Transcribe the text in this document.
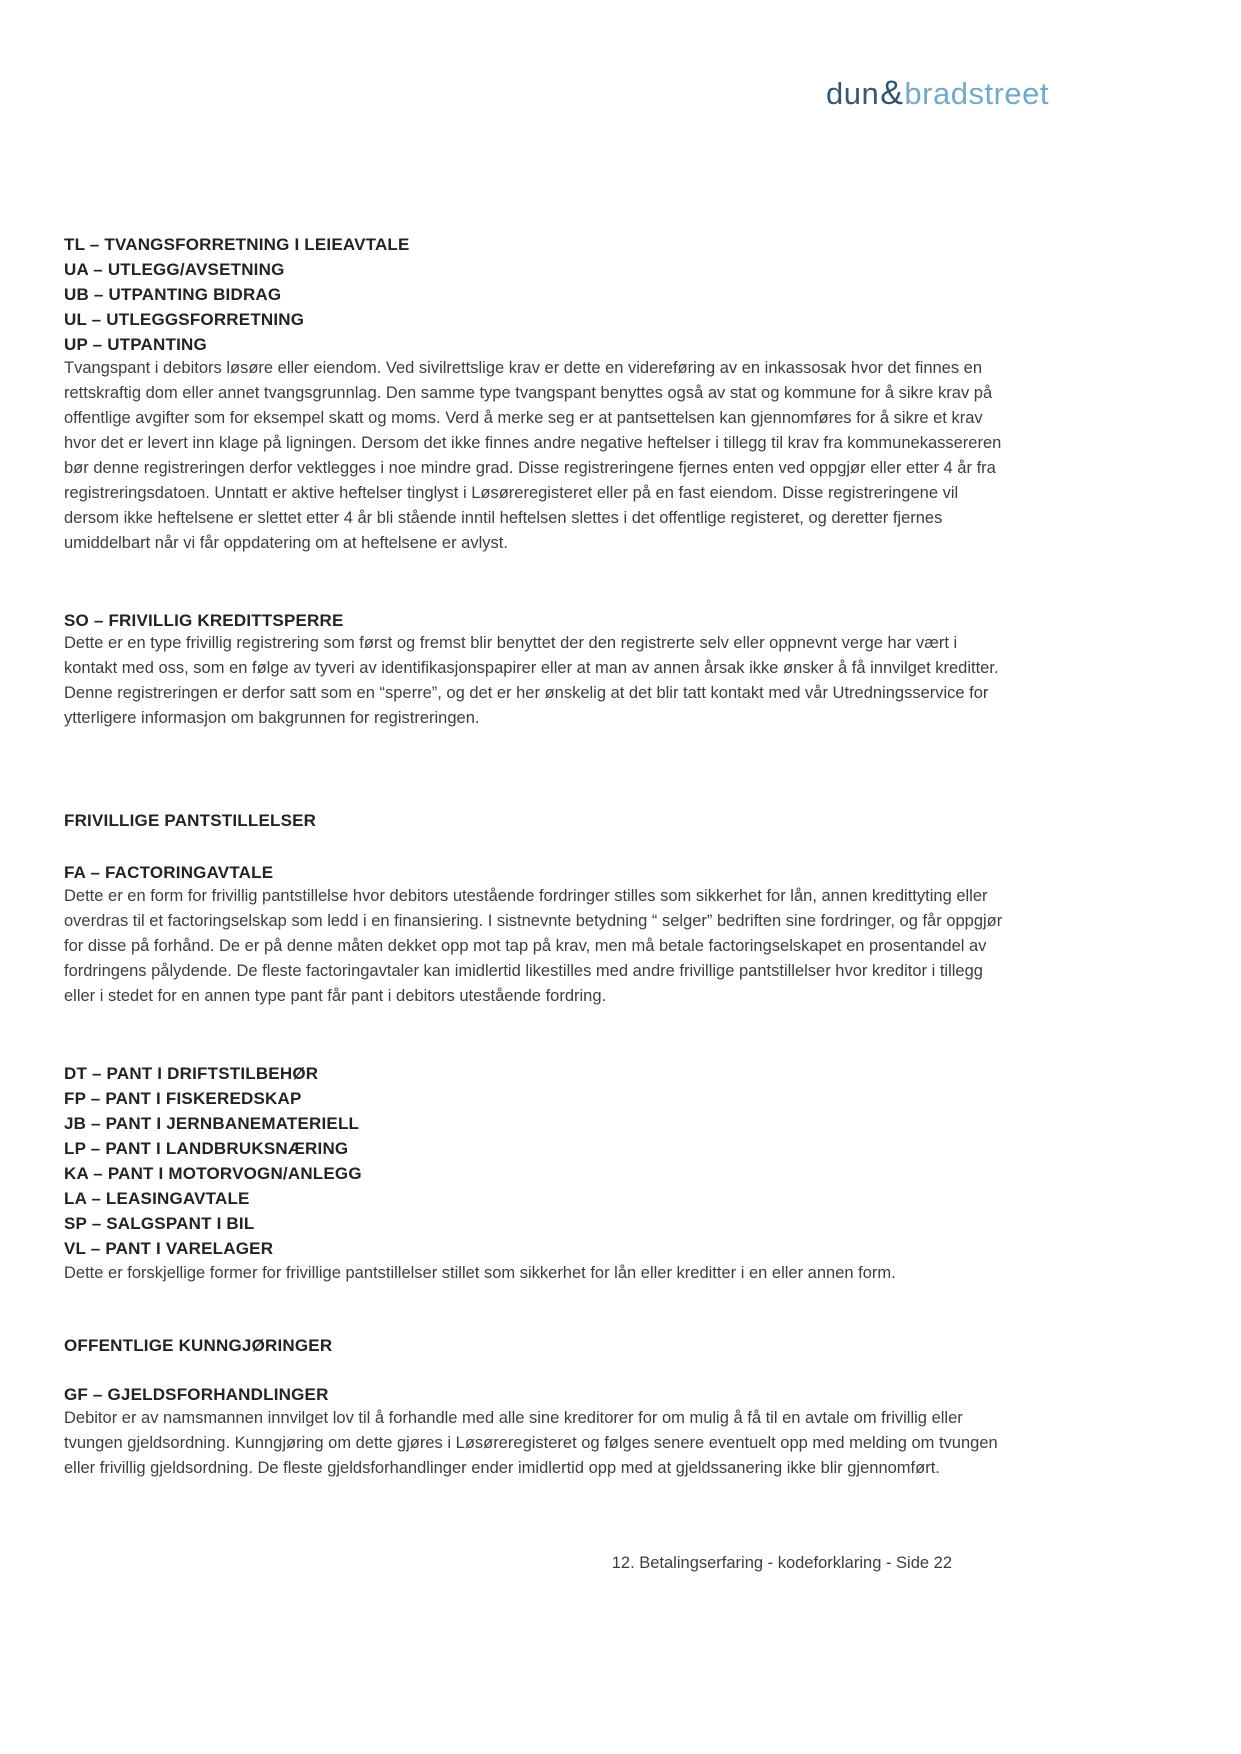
dun&bradstreet
TL – TVANGSFORRETNING I LEIEAVTALE
UA – UTLEGG/AVSETNING
UB – UTPANTING BIDRAG
UL – UTLEGGSFORRETNING
UP – UTPANTING

Tvangspant i debitors løsøre eller eiendom. Ved sivilrettslige krav er dette en videreføring av en inkassosak hvor det finnes en rettskraftig dom eller annet tvangsgrunnlag. Den samme type tvangspant benyttes også av stat og kommune for å sikre krav på offentlige avgifter som for eksempel skatt og moms. Verd å merke seg er at pantsettelsen kan gjennomføres for å sikre et krav hvor det er levert inn klage på ligningen. Dersom det ikke finnes andre negative heftelser i tillegg til krav fra kommunekassereren bør denne registreringen derfor vektlegges i noe mindre grad. Disse registreringene fjernes enten ved oppgjør eller etter 4 år fra registreringsdatoen. Unntatt er aktive heftelser tinglyst i Løsøreregisteret eller på en fast eiendom. Disse registreringene vil dersom ikke heftelsene er slettet etter 4 år bli stående inntil heftelsen slettes i det offentlige registeret, og deretter fjernes umiddelbart når vi får oppdatering om at heftelsene er avlyst.

SO – FRIVILLIG KREDITTSPERRE

Dette er en type frivillig registrering som først og fremst blir benyttet der den registrerte selv eller oppnevnt verge har vært i kontakt med oss, som en følge av tyveri av identifikasjonspapirer eller at man av annen årsak ikke ønsker å få innvilget kreditter. Denne registreringen er derfor satt som en “sperre”, og det er her ønskelig at det blir tatt kontakt med vår Utredningsservice for ytterligere informasjon om bakgrunnen for registreringen.

FRIVILLIGE PANTSTILLELSER
FA – FACTORINGAVTALE

Dette er en form for frivillig pantstillelse hvor debitors utestående fordringer stilles som sikkerhet for lån, annen kredittyting eller overdras til et factoringselskap som ledd i en finansiering. I sistnevnte betydning “ selger” bedriften sine fordringer, og får oppgjør for disse på forhånd. De er på denne måten dekket opp mot tap på krav, men må betale factoringselskapet en prosentandel av fordringens pålydende. De fleste factoringavtaler kan imidlertid likestilles med andre frivillige pantstillelser hvor kreditor i tillegg eller i stedet for en annen type pant får pant i debitors utestående fordring.

DT – PANT I DRIFTSTILBEHØR
FP – PANT I FISKEREDSKAP
JB – PANT I JERNBANEMATERIELL
LP – PANT I LANDBRUKSNÆRING
KA – PANT I MOTORVOGN/ANLEGG
LA – LEASINGAVTALE
SP – SALGSPANT I BIL
VL – PANT I VARELAGER

Dette er forskjellige former for frivillige pantstillelser stillet som sikkerhet for lån eller kreditter i en eller annen form.

OFFENTLIGE KUNNGJØRINGER
GF – GJELDSFORHANDLINGER

Debitor er av namsmannen innvilget lov til å forhandle med alle sine kreditorer for om mulig å få til en avtale om frivillig eller tvungen gjeldsordning. Kunngjøring om dette gjøres i Løsøreregisteret og følges senere eventuelt opp med melding om tvungen eller frivillig gjeldsordning. De fleste gjeldsforhandlinger ender imidlertid opp med at gjeldssanering ikke blir gjennomført.

12. Betalingserfaring - kodeforklaring - Side 22
